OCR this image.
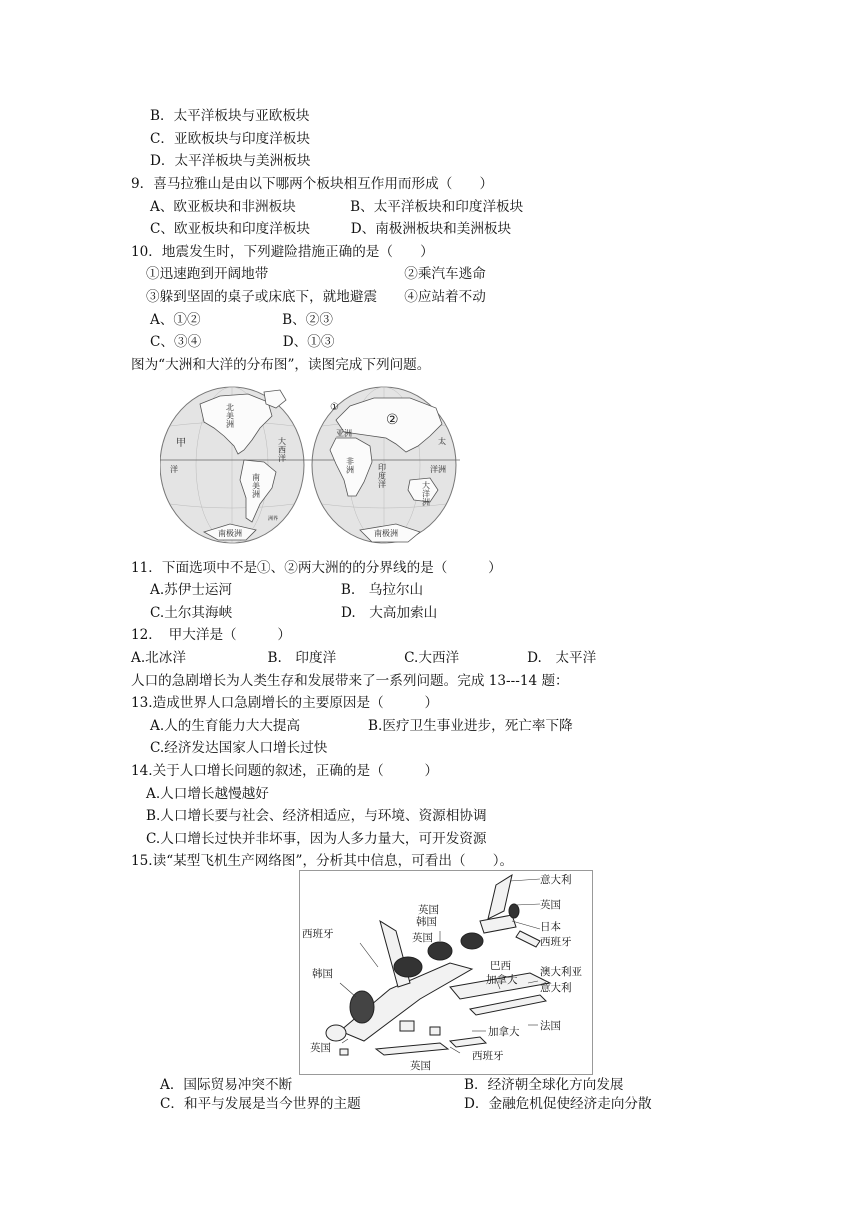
B．太平洋板块与亚欧板块
C．亚欧板块与印度洋板块
D．太平洋板块与美洲板块
9．喜马拉雅山是由以下哪两个板块相互作用而形成（　　）
A、欧亚板块和非洲板块　　　　B、太平洋板块和印度洋板块
C、欧亚板块和印度洋板块　　　D、南极洲板块和美洲板块
10．地震发生时，下列避险措施正确的是（　　）
①迅速跑到开阔地带　　　　　　　　　　②乘汽车逃命
③躲到坚固的桌子或床底下，就地避震　　④应站着不动
A、①②　　　　　　B、②③
C、③④　　　　　　D、①③
图为“大洲和大洋的分布图”，读图完成下列问题。
北美洲
甲
洋
大西洋
南美洲
南极洲
洲界
①
②
亚洲
非洲	印度洋	大洋洲
太
南极洲
洋洲
11．下面选项中不是①、②两大洲的的分界线的是（　　　）
A.苏伊士运河　　　　　　　　B.　乌拉尔山
C.土尔其海峡　　　　　　　　D.　大高加索山
12．　甲大洋是（　　　）
A.北冰洋　　　　　　B.　印度洋　　　　　C.大西洋　　　　　D.　太平洋
人口的急剧增长为人类生存和发展带来了一系列问题。完成 13---14 题：
13.造成世界人口急剧增长的主要原因是（　　　）
A.人的生育能力大大提高　　　　　B.医疗卫生事业进步，死亡率下降
C.经济发达国家人口增长过快
14.关于人口增长问题的叙述，正确的是（　　　）
A.人口增长越慢越好
B.人口增长要与社会、经济相适应，与环境、资源相协调
C.人口增长过快并非坏事，因为人多力量大，可开发资源
15.读“某型飞机生产网络图”，分析其中信息，可看出（　　）。
意大利
英国
日本
西班牙
英国
韩国
英国
西班牙
韩国
巴西
加拿大
澳大利亚
意大利
法国
加拿大
英国
西班牙
英国
A．国际贸易冲突不断	B．经济朝全球化方向发展
C．和平与发展是当今世界的主题	D．金融危机促使经济走向分散
